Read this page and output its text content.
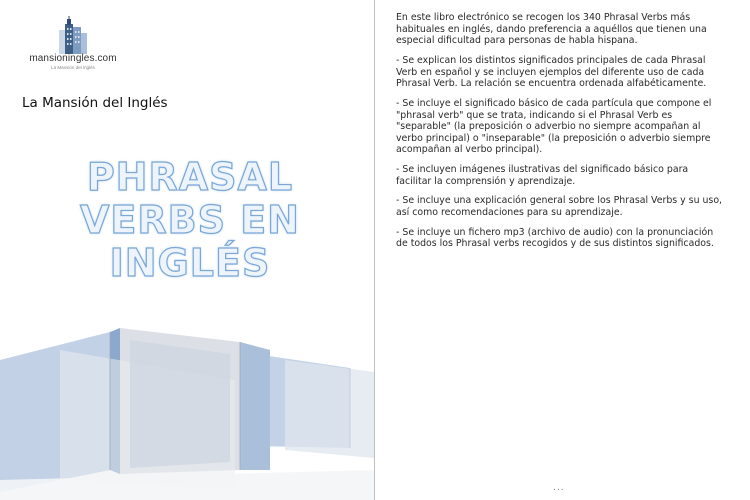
mansioningles.com
La Mansión del Inglés
La Mansión del Inglés
PHRASAL
VERBS EN
INGLÉS

En este libro electrónico se recogen los 340 Phrasal Verbs más habituales en inglés, dando preferencia a aquéllos que tienen una especial dificultad para personas de habla hispana.

- Se explican los distintos significados principales de cada Phrasal Verb en español y se incluyen ejemplos del diferente uso de cada Phrasal Verb. La relación se encuentra ordenada alfabéticamente.

- Se incluye el significado básico de cada partícula que compone el "phrasal verb" que se trata, indicando si el Phrasal Verb es "separable" (la preposición o adverbio no siempre acompañan al verbo principal) o "inseparable" (la preposición o adverbio siempre acompañan al verbo principal).

- Se incluyen imágenes ilustrativas del significado básico para facilitar la comprensión y aprendizaje.

- Se incluye una explicación general sobre los Phrasal Verbs y su uso, así como recomendaciones para su aprendizaje.

- Se incluye un fichero mp3 (archivo de audio) con la pronunciación de todos los Phrasal verbs recogidos y de sus distintos significados.

...
